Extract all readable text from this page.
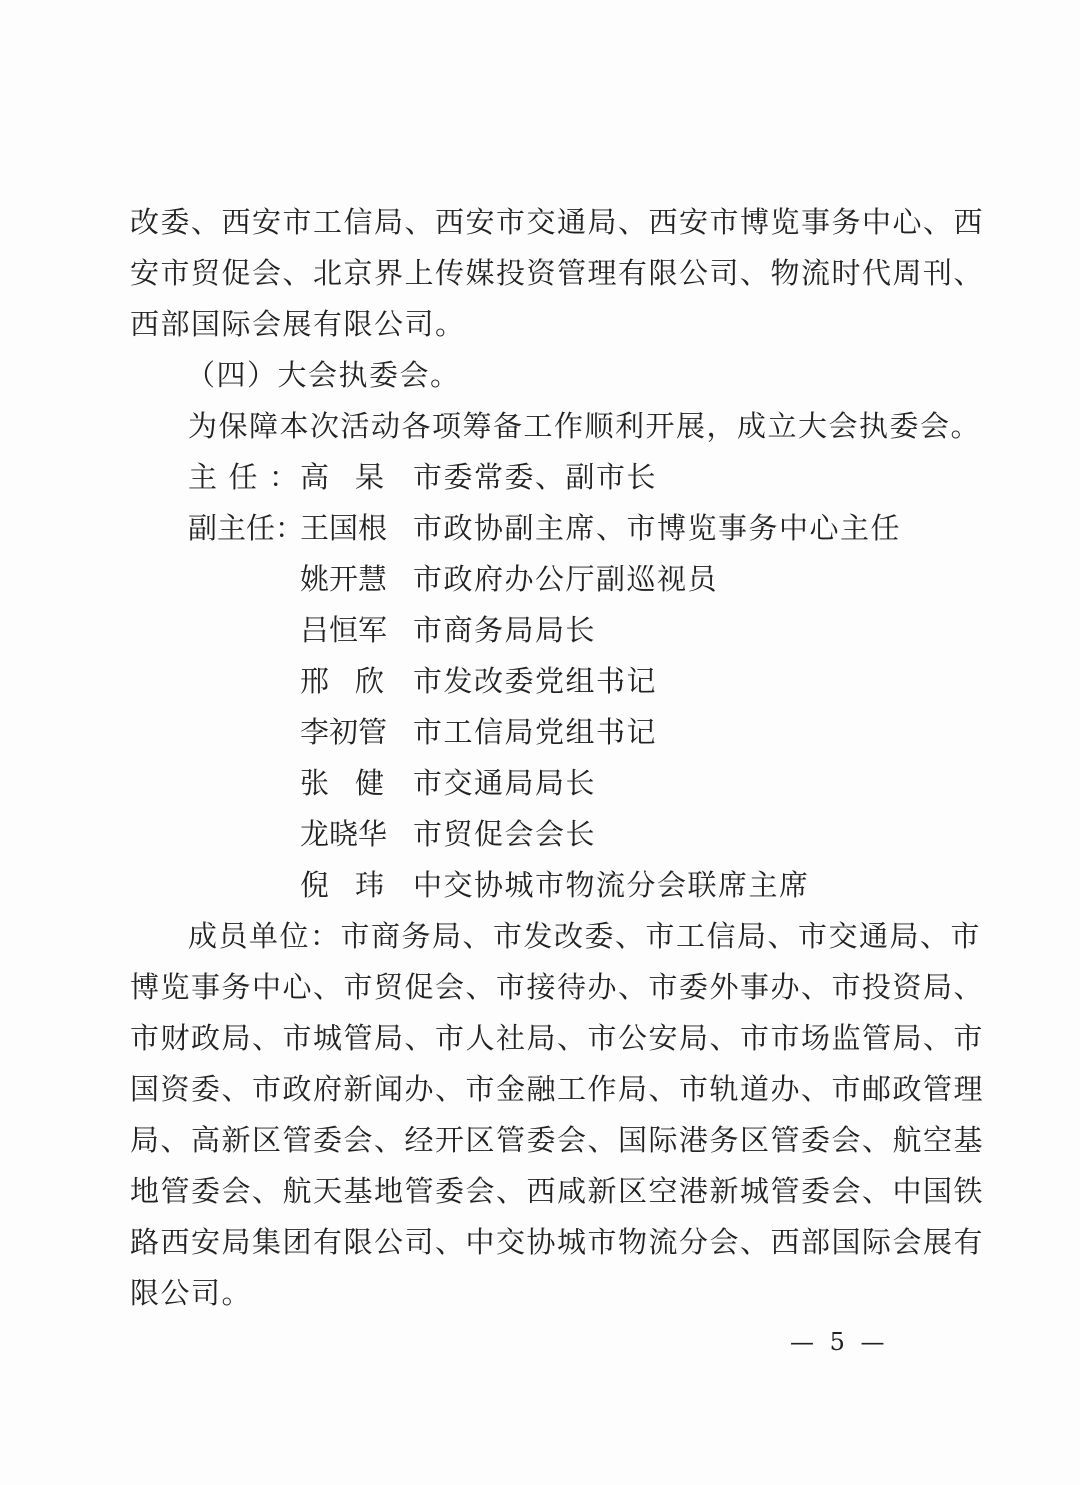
改委、西安市工信局、西安市交通局、西安市博览事务中心、西
安市贸促会、北京界上传媒投资管理有限公司、物流时代周刊、
西部国际会展有限公司。
（四）大会执委会。
为保障本次活动各项筹备工作顺利开展，成立大会执委会。
主任： 高 杲 市委常委、副市长
副主任：
王国根 市政协副主席、市博览事务中心主任
姚开慧 市政府办公厅副巡视员
吕恒军 市商务局局长
邢 欣 市发改委党组书记
李初管 市工信局党组书记
张 健 市交通局局长
龙晓华 市贸促会会长
倪 玮 中交协城市物流分会联席主席
成员单位：市商务局、市发改委、市工信局、市交通局、市
博览事务中心、市贸促会、市接待办、市委外事办、市投资局、
市财政局、市城管局、市人社局、市公安局、市市场监管局、市
国资委、市政府新闻办、市金融工作局、市轨道办、市邮政管理
局、高新区管委会、经开区管委会、国际港务区管委会、航空基
地管委会、航天基地管委会、西咸新区空港新城管委会、中国铁
路西安局集团有限公司、中交协城市物流分会、西部国际会展有
限公司。
— 5 —
